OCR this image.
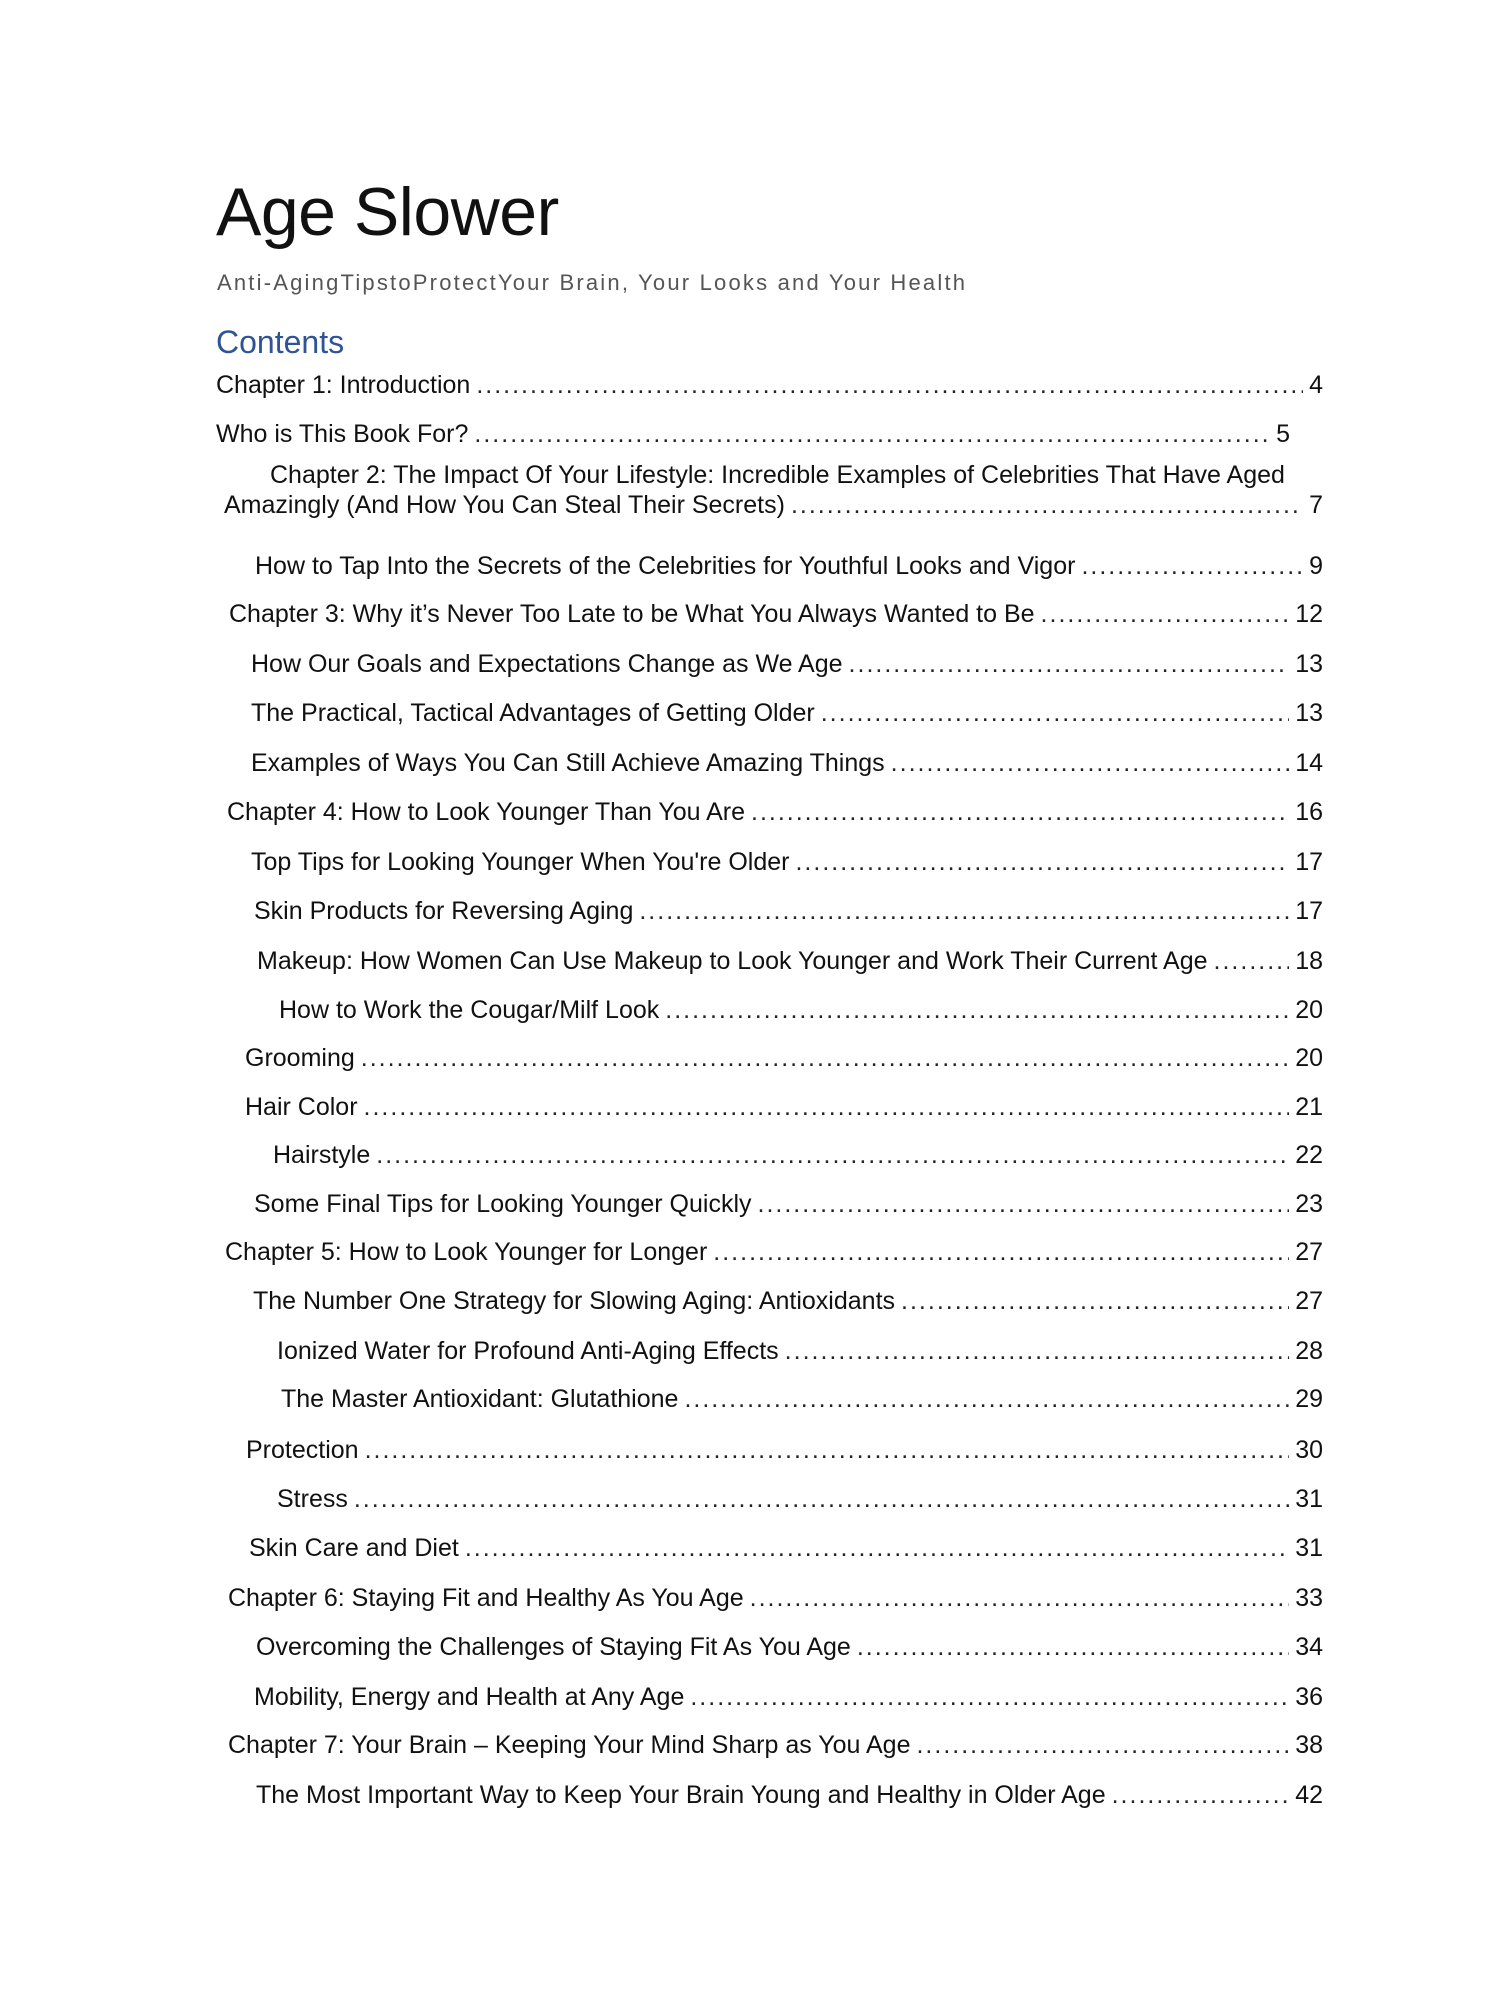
Age Slower
Anti-AgingTipstoProtectYour Brain, Your Looks and Your Health
Contents
Chapter 1: Introduction .....	4
Who is This Book For? .....	5
Chapter 2: The Impact Of Your Lifestyle: Incredible Examples of Celebrities That Have Aged
Amazingly (And How You Can Steal Their Secrets) .....	7
How to Tap Into the Secrets of the Celebrities for Youthful Looks and Vigor .....	9
Chapter 3: Why it’s Never Too Late to be What You Always Wanted to Be .....	12
How Our Goals and Expectations Change as We Age .....	13
The Practical, Tactical Advantages of Getting Older .....	13
Examples of Ways You Can Still Achieve Amazing Things .....	14
Chapter 4: How to Look Younger Than You Are .....	16
Top Tips for Looking Younger When You're Older .....	17
Skin Products for Reversing Aging .....	17
Makeup: How Women Can Use Makeup to Look Younger and Work Their Current Age .....	18
How to Work the Cougar/Milf Look .....	20
Grooming .....	20
Hair Color .....	21
Hairstyle .....	22
Some Final Tips for Looking Younger Quickly .....	23
Chapter 5: How to Look Younger for Longer .....	27
The Number One Strategy for Slowing Aging: Antioxidants .....	27
Ionized Water for Profound Anti-Aging Effects .....	28
The Master Antioxidant: Glutathione .....	29
Protection .....	30
Stress .....	31
Skin Care and Diet .....	31
Chapter 6: Staying Fit and Healthy As You Age .....	33
Overcoming the Challenges of Staying Fit As You Age .....	34
Mobility, Energy and Health at Any Age .....	36
Chapter 7: Your Brain – Keeping Your Mind Sharp as You Age .....	38
The Most Important Way to Keep Your Brain Young and Healthy in Older Age .....	42
